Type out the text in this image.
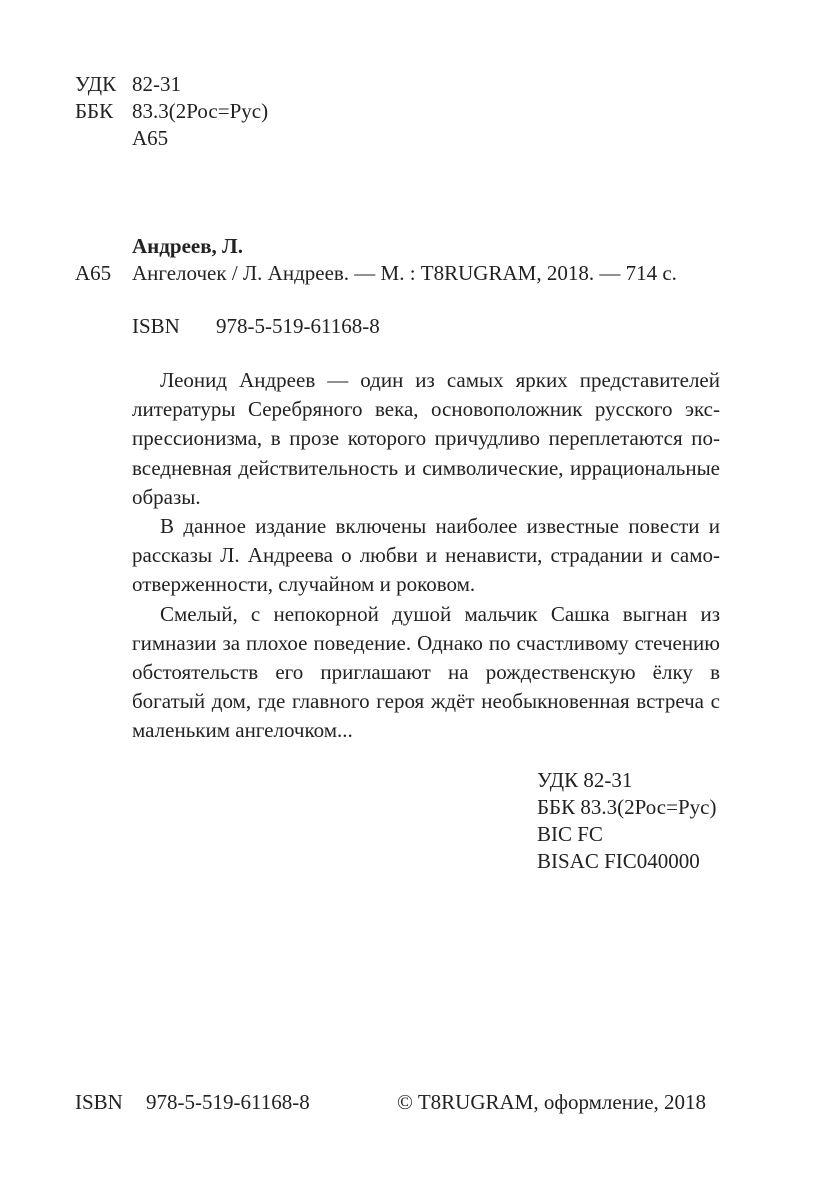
УДК 82-31
ББК 83.3(2Рос=Рус)
А65
Андреев, Л.
А65 Ангелочек / Л. Андреев. — М. : T8RUGRAM, 2018. — 714 с.
ISBN 978-5-519-61168-8

Леонид Андреев — один из самых ярких представителей литературы Серебряного века, основоположник русского экспрессионизма, в прозе которого причудливо переплетаются повседневная действительность и символические, иррациональные образы.

В данное издание включены наиболее известные повести и рассказы Л. Андреева о любви и ненависти, страдании и самоотверженности, случайном и роковом.

Смелый, с непокорной душой мальчик Сашка выгнан из гимназии за плохое поведение. Однако по счастливому стечению обстоятельств его приглашают на рождественскую ёлку в богатый дом, где главного героя ждёт необыкновенная встреча с маленьким ангелочком...

УДК 82-31
ББК 83.3(2Рос=Рус)
BIC FC
BISAC FIC040000
ISBN 978-5-519-61168-8	© T8RUGRAM, оформление, 2018
